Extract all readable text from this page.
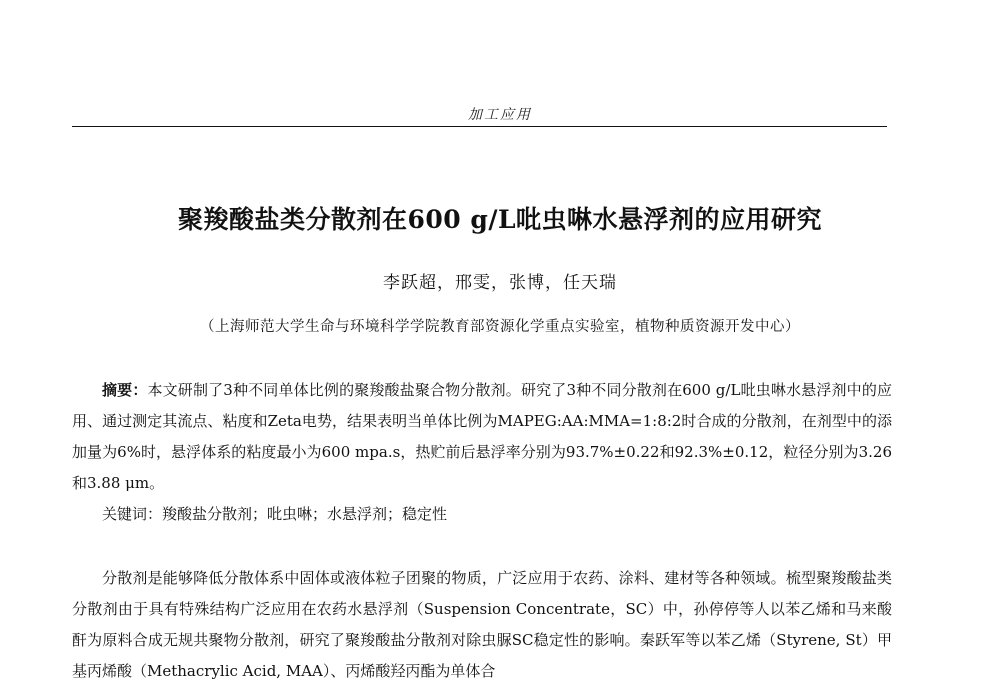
加工应用
聚羧酸盐类分散剂在600 g/L吡虫啉水悬浮剂的应用研究
李跃超，邢雯，张博，任天瑞
（上海师范大学生命与环境科学学院教育部资源化学重点实验室，植物种质资源开发中心）
摘要：本文研制了3种不同单体比例的聚羧酸盐聚合物分散剂。研究了3种不同分散剂在600 g/L吡虫啉水悬浮剂中的应用、通过测定其流点、粘度和Zeta电势，结果表明当单体比例为MAPEG:AA:MMA=1:8:2时合成的分散剂，在剂型中的添加量为6%时，悬浮体系的粘度最小为600 mpa.s，热贮前后悬浮率分别为93.7%±0.22和92.3%±0.12，粒径分别为3.26 和3.88 μm。
关键词：羧酸盐分散剂；吡虫啉；水悬浮剂；稳定性
分散剂是能够降低分散体系中固体或液体粒子团聚的物质，广泛应用于农药、涂料、建材等各种领域。梳型聚羧酸盐类分散剂由于具有特殊结构广泛应用在农药水悬浮剂（Suspension Concentrate，SC）中，孙停停等人以苯乙烯和马来酸酐为原料合成无规共聚物分散剂，研究了聚羧酸盐分散剂对除虫脲SC稳定性的影响。秦跃军等以苯乙烯（Styrene, St）甲基丙烯酸（Methacrylic Acid, MAA）、丙烯酸羟丙酯为单体合
